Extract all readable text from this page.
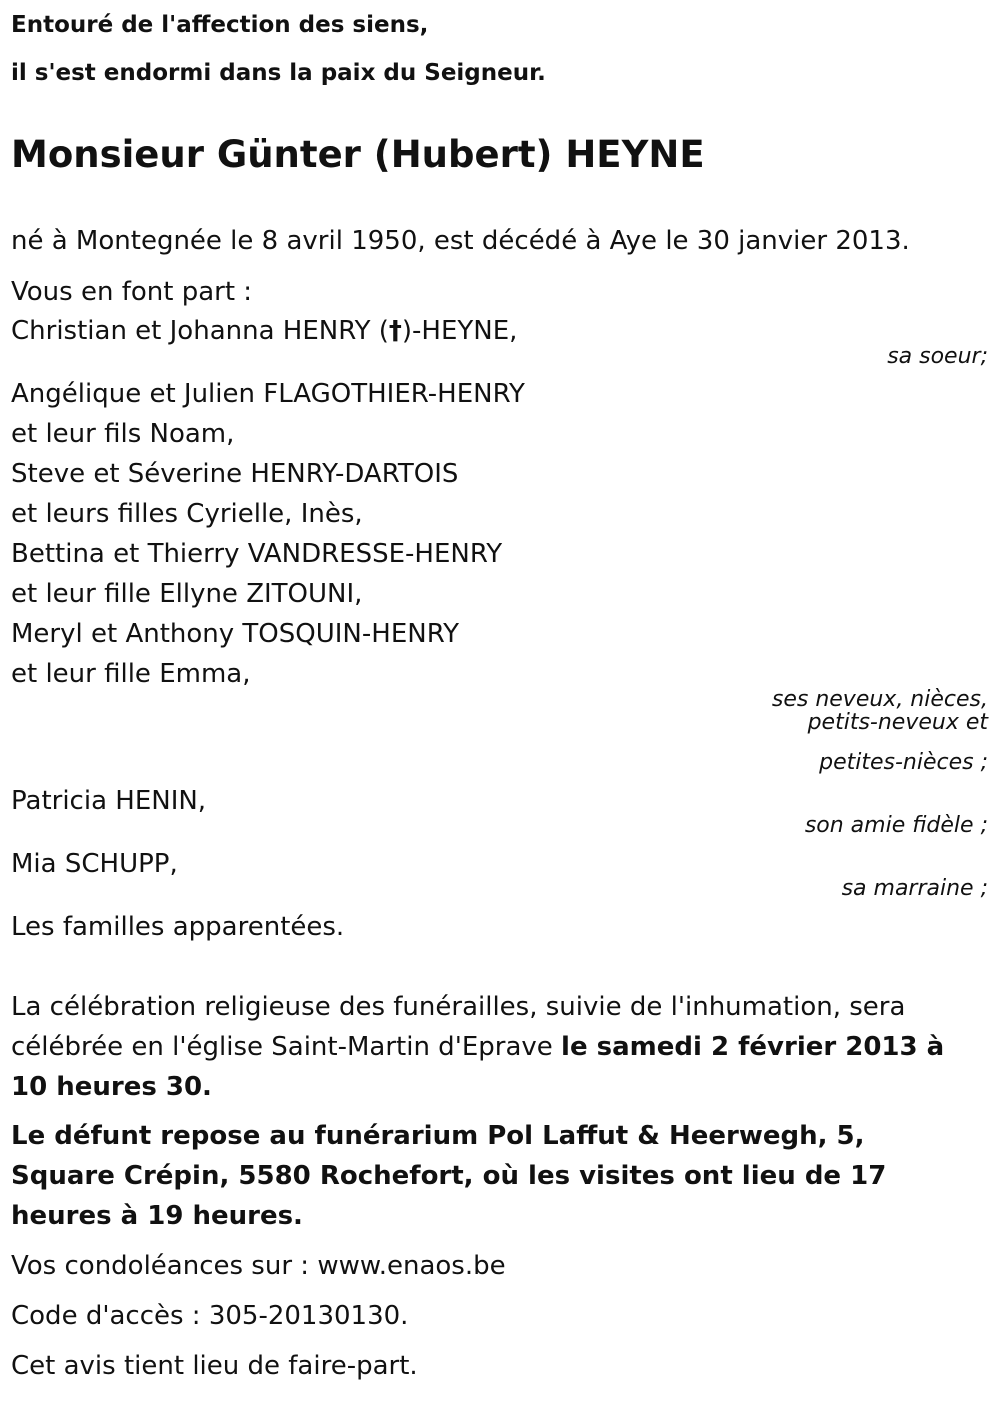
Entouré de l'affection des siens,
il s'est endormi dans la paix du Seigneur.
Monsieur Günter (Hubert) HEYNE
né à Montegnée le 8 avril 1950, est décédé à Aye le 30 janvier 2013.
Vous en font part :
Christian et Johanna HENRY (†)-HEYNE,
sa soeur;
Angélique et Julien FLAGOTHIER-HENRY
et leur fils Noam,
Steve et Séverine HENRY-DARTOIS
et leurs filles Cyrielle, Inès,
Bettina et Thierry VANDRESSE-HENRY
et leur fille Ellyne ZITOUNI,
Meryl et Anthony TOSQUIN-HENRY
et leur fille Emma,
ses neveux, nièces,
petits-neveux et
petites-nièces ;
Patricia HENIN,
son amie fidèle ;
Mia SCHUPP,
sa marraine ;
Les familles apparentées.
La célébration religieuse des funérailles, suivie de l'inhumation, sera célébrée en l'église Saint-Martin d'Eprave le samedi 2 février 2013 à 10 heures 30.
Le défunt repose au funérarium Pol Laffut & Heerwegh, 5, Square Crépin, 5580 Rochefort, où les visites ont lieu de 17 heures à 19 heures.
Vos condoléances sur : www.enaos.be
Code d'accès : 305-20130130.
Cet avis tient lieu de faire-part.
